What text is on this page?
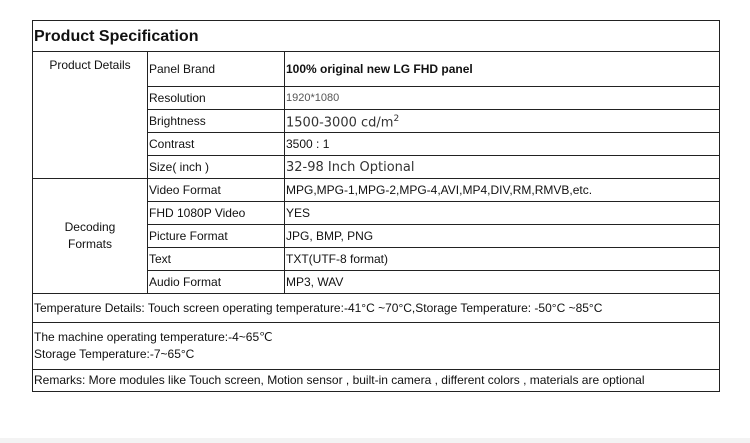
Product Specification		
Product Details	Panel Brand	100% original new LG FHD panel
	Resolution	1920*1080
	Brightness	1500-3000 $cd/m^2$
	Contrast	3500 : 1
	Size( inch )	32-98 Inch Optional

Decoding
Formats	Video Format	MPG,MPG-1,MPG-2,MPG-4,AVI,MP4,DIV,RM,RMVB,etc.
	FHD 1080P Video	YES
	Picture Format	JPG, BMP, PNG
	Text	TXT(UTF-8 format)
	Audio Format	MP3, WAV
Temperature Details: Touch screen operating temperature:-41°C ~70°C,Storage Temperature: -50°C ~85°C		

The machine operating temperature:-4~65℃
Storage Temperature:-7~65°C		

Remarks: More modules like Touch screen, Motion sensor , built-in camera , different colors , materials are optional		
